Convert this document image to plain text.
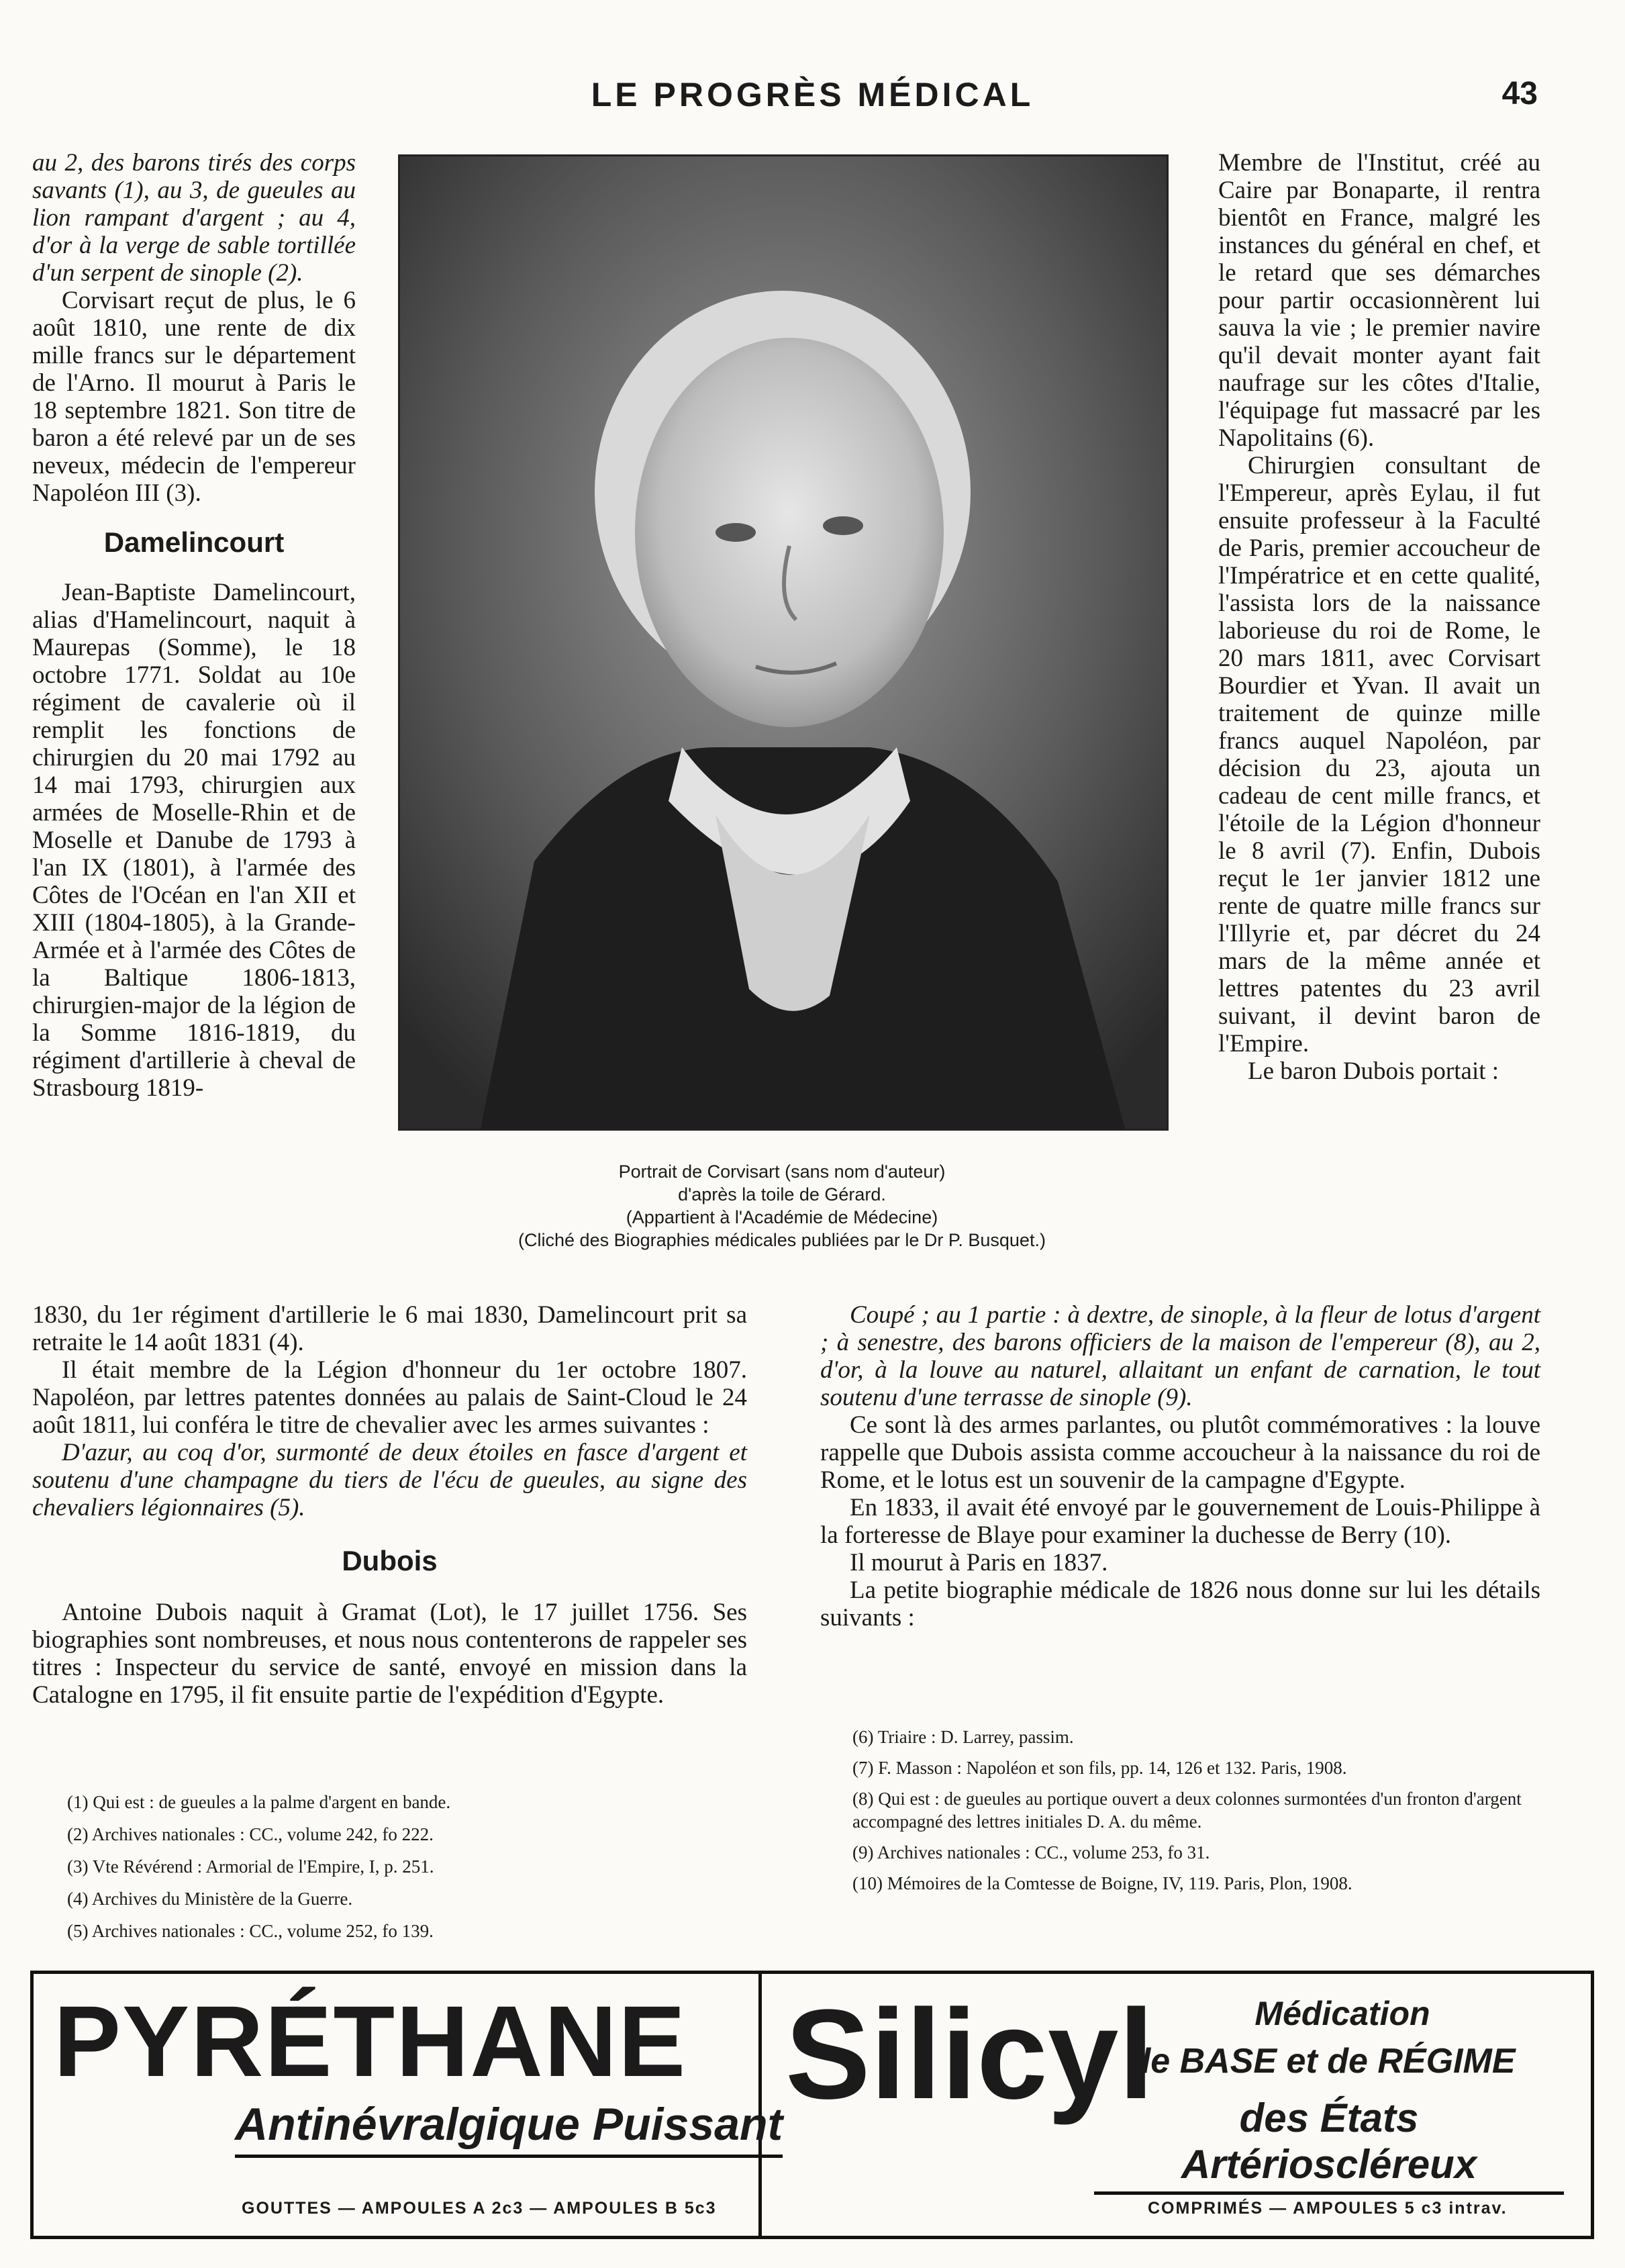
LE PROGRÈS MÉDICAL	43

au 2, des barons tirés des corps savants (1), au 3, de gueules au lion rampant d'argent ; au 4, d'or à la verge de sable tortillée d'un serpent de sinople (2).

Corvisart reçut de plus, le 6 août 1810, une rente de dix mille francs sur le département de l'Arno. Il mourut à Paris le 18 septembre 1821. Son titre de baron a été relevé par un de ses neveux, médecin de l'empereur Napoléon III (3).

Damelincourt

Jean-Baptiste Damelincourt, alias d'Hamelincourt, naquit à Maurepas (Somme), le 18 octobre 1771. Soldat au 10e régiment de cavalerie où il remplit les fonctions de chirurgien du 20 mai 1792 au 14 mai 1793, chirurgien aux armées de Moselle-Rhin et de Moselle et Danube de 1793 à l'an IX (1801), à l'armée des Côtes de l'Océan en l'an XII et XIII (1804-1805), à la Grande-Armée et à l'armée des Côtes de la Baltique 1806-1813, chirurgien-major de la légion de la Somme 1816-1819, du régiment d'artillerie à cheval de Strasbourg 1819-

1830, du 1er régiment d'artillerie le 6 mai 1830, Damelincourt prit sa retraite le 14 août 1831 (4).

Il était membre de la Légion d'honneur du 1er octobre 1807. Napoléon, par lettres patentes données au palais de Saint-Cloud le 24 août 1811, lui conféra le titre de chevalier avec les armes suivantes :

D'azur, au coq d'or, surmonté de deux étoiles en fasce d'argent et soutenu d'une champagne du tiers de l'écu de gueules, au signe des chevaliers légionnaires (5).

Dubois

Antoine Dubois naquit à Gramat (Lot), le 17 juillet 1756. Ses biographies sont nombreuses, et nous nous contenterons de rappeler ses titres : Inspecteur du service de santé, envoyé en mission dans la Catalogne en 1795, il fit ensuite partie de l'expédition d'Egypte.

Portrait de Corvisart (sans nom d'auteur)
d'après la toile de Gérard.
(Appartient à l'Académie de Médecine)
(Cliché des Biographies médicales publiées par le Dr P. Busquet.)

Membre de l'Institut, créé au Caire par Bonaparte, il rentra bientôt en France, malgré les instances du général en chef, et le retard que ses démarches pour partir occasionnèrent lui sauva la vie ; le premier navire qu'il devait monter ayant fait naufrage sur les côtes d'Italie, l'équipage fut massacré par les Napolitains (6).

Chirurgien consultant de l'Empereur, après Eylau, il fut ensuite professeur à la Faculté de Paris, premier accoucheur de l'Impératrice et en cette qualité, l'assista lors de la naissance laborieuse du roi de Rome, le 20 mars 1811, avec Corvisart Bourdier et Yvan. Il avait un traitement de quinze mille francs auquel Napoléon, par décision du 23, ajouta un cadeau de cent mille francs, et l'étoile de la Légion d'honneur le 8 avril (7). Enfin, Dubois reçut le 1er janvier 1812 une rente de quatre mille francs sur l'Illyrie et, par décret du 24 mars de la même année et lettres patentes du 23 avril suivant, il devint baron de l'Empire.

Le baron Dubois portait :

Coupé ; au 1 partie : à dextre, de sinople, à la fleur de lotus d'argent ; à senestre, des barons officiers de la maison de l'empereur (8), au 2, d'or, à la louve au naturel, allaitant un enfant de carnation, le tout soutenu d'une terrasse de sinople (9).

Ce sont là des armes parlantes, ou plutôt commémoratives : la louve rappelle que Dubois assista comme accoucheur à la naissance du roi de Rome, et le lotus est un souvenir de la campagne d'Egypte.

En 1833, il avait été envoyé par le gouvernement de Louis-Philippe à la forteresse de Blaye pour examiner la duchesse de Berry (10).

Il mourut à Paris en 1837.

La petite biographie médicale de 1826 nous donne sur lui les détails suivants :

(1) Qui est : de gueules a la palme d'argent en bande.
(2) Archives nationales : CC., volume 242, fo 222.
(3) Vte Révérend : Armorial de l'Empire, I, p. 251.
(4) Archives du Ministère de la Guerre.
(5) Archives nationales : CC., volume 252, fo 139.
(6) Triaire : D. Larrey, passim.
(7) F. Masson : Napoléon et son fils, pp. 14, 126 et 132. Paris, 1908.
(8) Qui est : de gueules au portique ouvert a deux colonnes surmontées d'un fronton d'argent accompagné des lettres initiales D. A. du même.
(9) Archives nationales : CC., volume 253, fo 31.
(10) Mémoires de la Comtesse de Boigne, IV, 119. Paris, Plon, 1908.
PYRÉTHANE
Antinévralgique Puissant
GOUTTES — AMPOULES A 2c3 — AMPOULES B 5c3
Silicyl	Médication
de BASE et de RÉGIME
des États Artérioscléreux
COMPRIMÉS — AMPOULES 5 c3 intrav.
